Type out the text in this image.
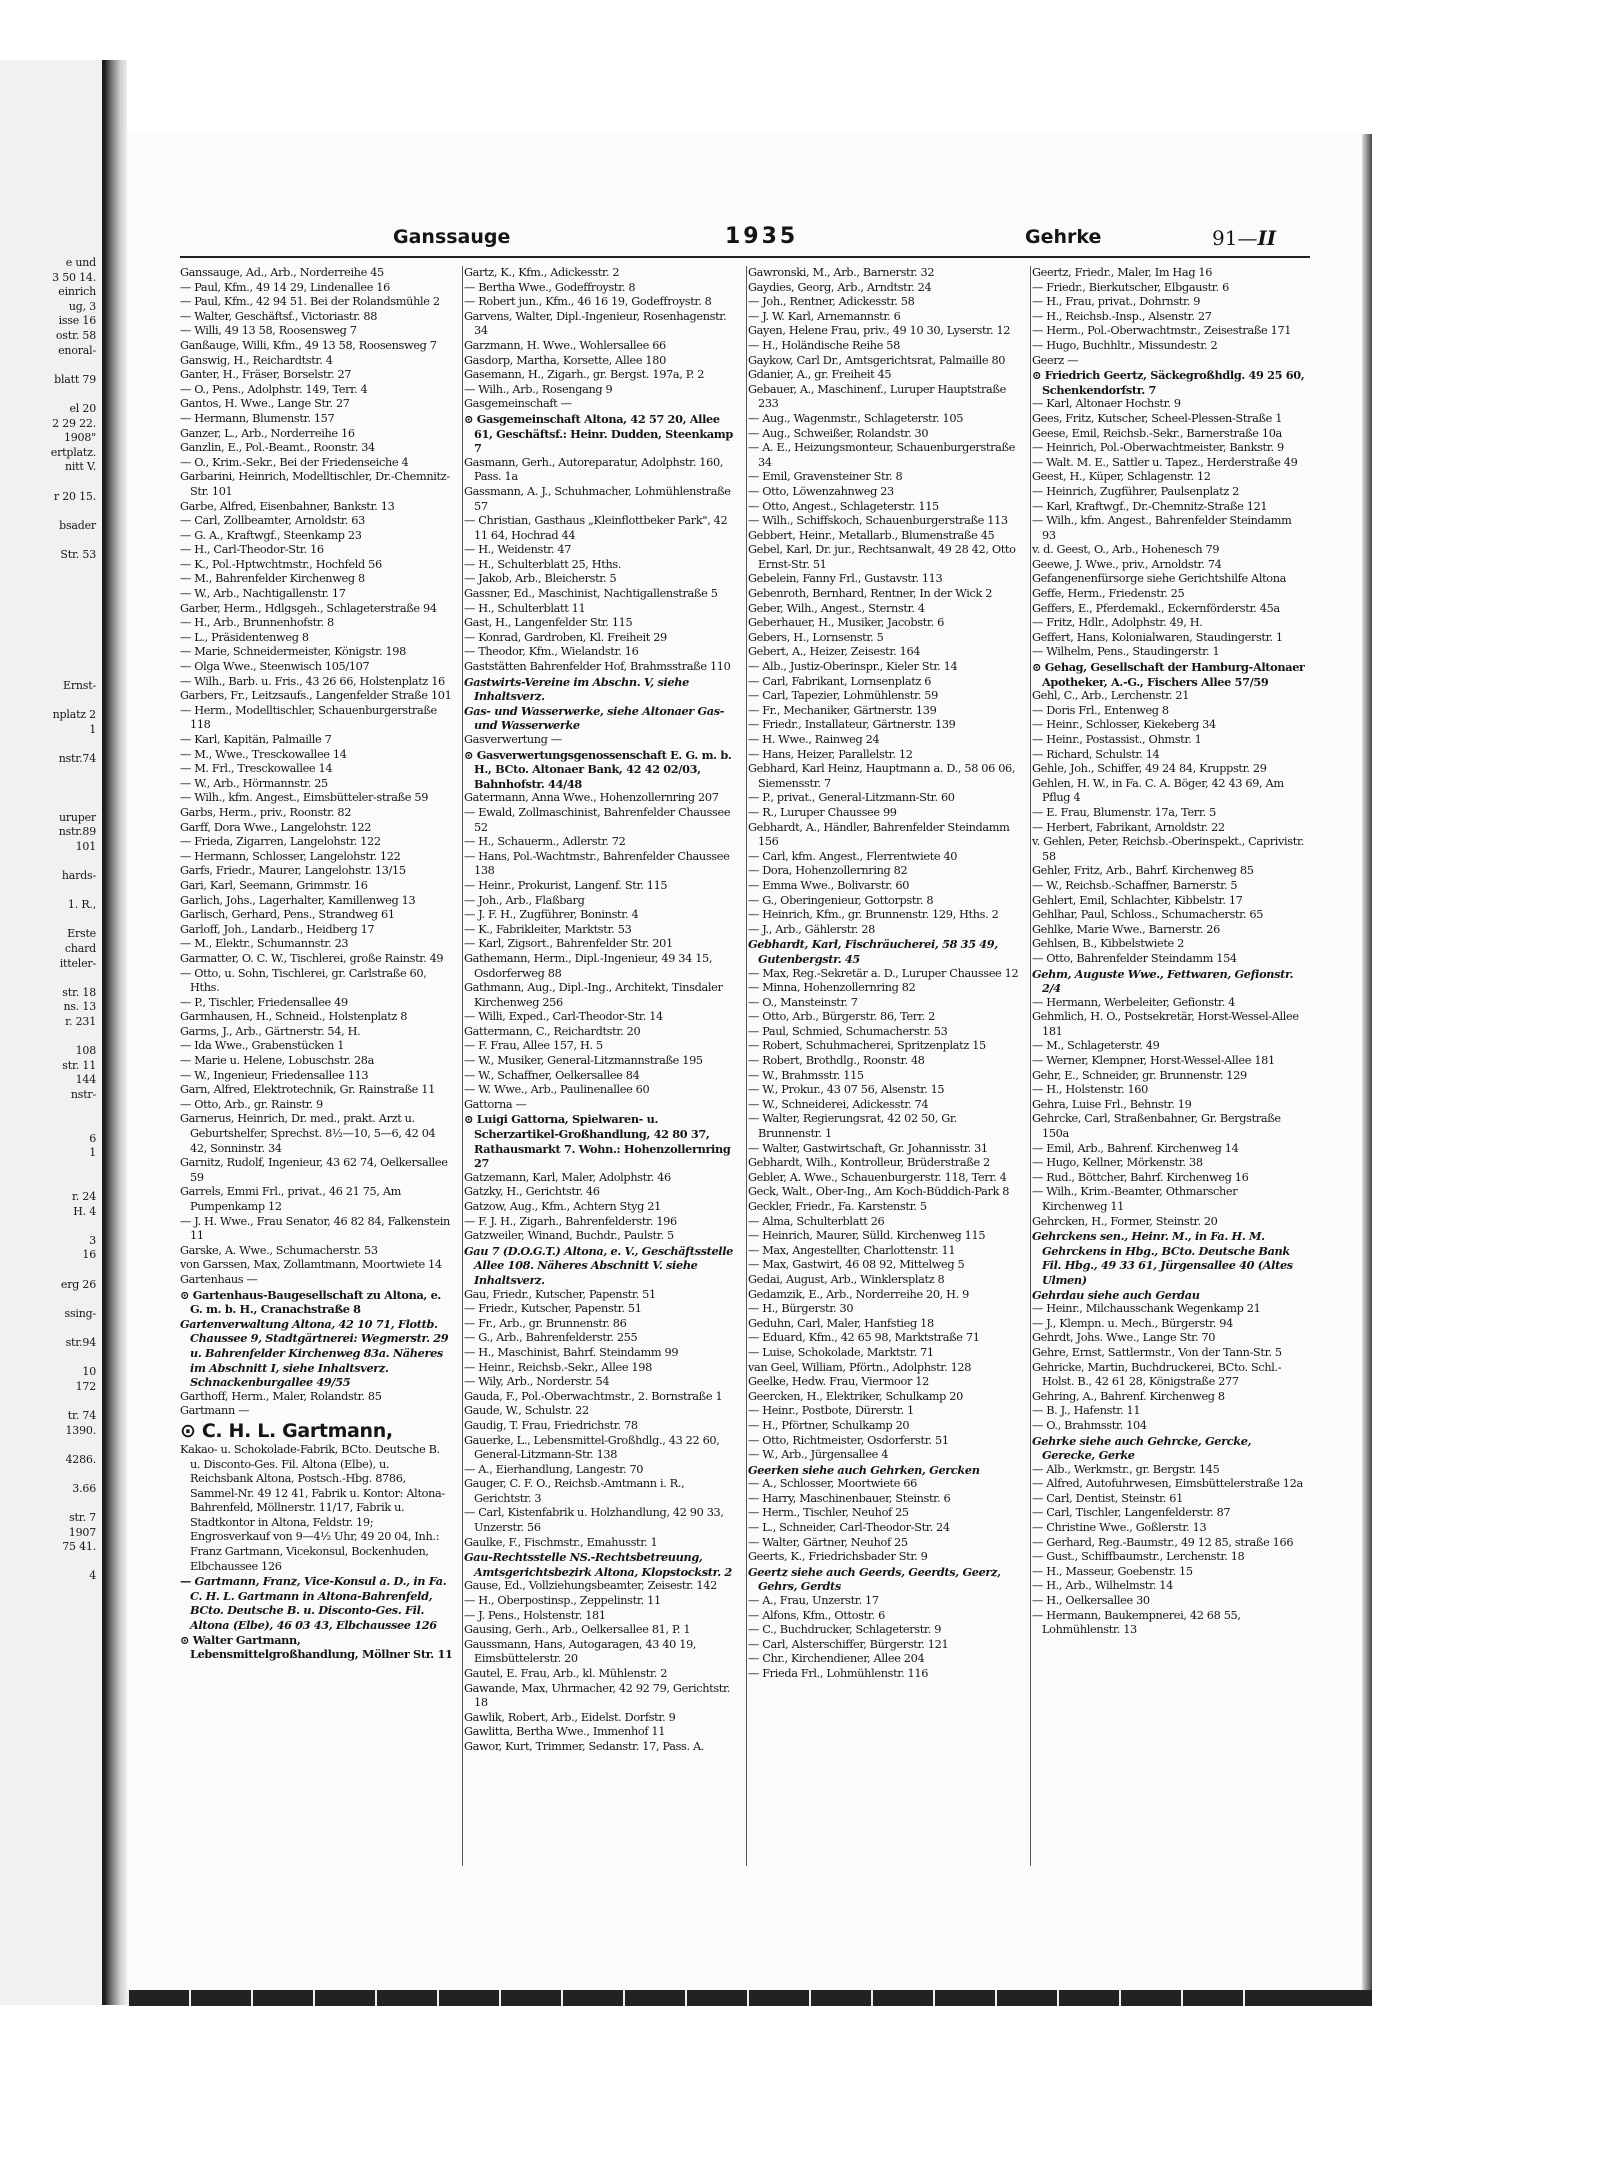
e und
3 50 14.
einrich
ug, 3
isse 16
ostr. 58
enoral-

blatt 79

el 20
2 29 22.
1908"
ertplatz.
nitt V.

r 20 15.

bsader

Str. 53

Ernst-

nplatz 2
1

nstr.74

uruper
nstr.89
101

hards-

1. R.,

Erste
chard
itteler-

str. 18
ns. 13
r. 231

108
str. 11
144
nstr-

6
1

r. 24
H. 4

3
16

erg 26

ssing-

str.94

10
172

tr. 74
1390.

4286.

3.66

str. 7
1907
75 41.

4

Ganssauge	1935	Gehrke	91—II
Ganssauge, Ad., Arb., Norderreihe 45
— Paul, Kfm., 49 14 29, Lindenallee 16
— Paul, Kfm., 42 94 51. Bei der Rolandsmühle 2
— Walter, Geschäftsf., Victoriastr. 88
— Willi, 49 13 58, Roosensweg 7
Ganßauge, Willi, Kfm., 49 13 58, Roosensweg 7
Ganswig, H., Reichardtstr. 4
Ganter, H., Fräser, Borselstr. 27
— O., Pens., Adolphstr. 149, Terr. 4
Gantos, H. Wwe., Lange Str. 27
— Hermann, Blumenstr. 157
Ganzer, L., Arb., Norderreihe 16
Ganzlin, E., Pol.-Beamt., Roonstr. 34
— O., Krim.-Sekr., Bei der Friedenseiche 4
Garbarini, Heinrich, Modelltischler, Dr.-Chemnitz-Str. 101
Garbe, Alfred, Eisenbahner, Bankstr. 13
— Carl, Zollbeamter, Arnoldstr. 63
— G. A., Kraftwgf., Steenkamp 23
— H., Carl-Theodor-Str. 16
— K., Pol.-Hptwchtmstr., Hochfeld 56
— M., Bahrenfelder Kirchenweg 8
— W., Arb., Nachtigallenstr. 17
Garber, Herm., Hdlgsgeh., Schlageterstraße 94
— H., Arb., Brunnenhofstr. 8
— L., Präsidentenweg 8
— Marie, Schneidermeister, Königstr. 198
— Olga Wwe., Steenwisch 105/107
— Wilh., Barb. u. Fris., 43 26 66, Holstenplatz 16
Garbers, Fr., Leitzsaufs., Langenfelder Straße 101
— Herm., Modelltischler, Schauenburgerstraße 118
— Karl, Kapitän, Palmaille 7
— M., Wwe., Tresckowallee 14
— M. Frl., Tresckowallee 14
— W., Arb., Hörmannstr. 25
— Wilh., kfm. Angest., Eimsbütteler-straße 59
Garbs, Herm., priv., Roonstr. 82
Garff, Dora Wwe., Langelohstr. 122
— Frieda, Zigarren, Langelohstr. 122
— Hermann, Schlosser, Langelohstr. 122
Garfs, Friedr., Maurer, Langelohstr. 13/15
Gari, Karl, Seemann, Grimmstr. 16
Garlich, Johs., Lagerhalter, Kamillenweg 13
Garlisch, Gerhard, Pens., Strandweg 61
Garloff, Joh., Landarb., Heidberg 17
— M., Elektr., Schumannstr. 23
Garmatter, O. C. W., Tischlerei, große Rainstr. 49
— Otto, u. Sohn, Tischlerei, gr. Carlstraße 60, Hths.
— P., Tischler, Friedensallee 49
Garmhausen, H., Schneid., Holstenplatz 8
Garms, J., Arb., Gärtnerstr. 54, H.
— Ida Wwe., Grabenstücken 1
— Marie u. Helene, Lobuschstr. 28a
— W., Ingenieur, Friedensallee 113
Garn, Alfred, Elektrotechnik, Gr. Rainstraße 11
— Otto, Arb., gr. Rainstr. 9
Garnerus, Heinrich, Dr. med., prakt. Arzt u. Geburtshelfer, Sprechst. 8½—10, 5—6, 42 04 42, Sonninstr. 34
Garnitz, Rudolf, Ingenieur, 43 62 74, Oelkersallee 59
Garrels, Emmi Frl., privat., 46 21 75, Am Pumpenkamp 12
— J. H. Wwe., Frau Senator, 46 82 84, Falkenstein 11
Garske, A. Wwe., Schumacherstr. 53
von Garssen, Max, Zollamtmann, Moortwiete 14
Gartenhaus —
⊙ Gartenhaus-Baugesellschaft zu Altona, e. G. m. b. H., Cranachstraße 8
Gartenverwaltung Altona, 42 10 71, Flottb. Chaussee 9, Stadtgärtnerei: Wegmerstr. 29 u. Bahrenfelder Kirchenweg 83a. Näheres im Abschnitt I, siehe Inhaltsverz. Schnackenburgallee 49/55
Garthoff, Herm., Maler, Rolandstr. 85
Gartmann —
⊙ C. H. L. Gartmann,
Kakao- u. Schokolade-Fabrik, BCto. Deutsche B. u. Disconto-Ges. Fil. Altona (Elbe), u. Reichsbank Altona, Postsch.-Hbg. 8786, Sammel-Nr. 49 12 41, Fabrik u. Kontor: Altona-Bahrenfeld, Möllnerstr. 11/17, Fabrik u. Stadtkontor in Altona, Feldstr. 19; Engrosverkauf von 9—4½ Uhr, 49 20 04, Inh.: Franz Gartmann, Vicekonsul, Bockenhuden, Elbchaussee 126
— Gartmann, Franz, Vice-Konsul a. D., in Fa. C. H. L. Gartmann in Altona-Bahrenfeld, BCto. Deutsche B. u. Disconto-Ges. Fil. Altona (Elbe), 46 03 43, Elbchaussee 126
⊙ Walter Gartmann, Lebensmittelgroßhandlung, Möllner Str. 11
Gartz, K., Kfm., Adickesstr. 2
— Bertha Wwe., Godeffroystr. 8
— Robert jun., Kfm., 46 16 19, Godeffroystr. 8
Garvens, Walter, Dipl.-Ingenieur, Rosenhagenstr. 34
Garzmann, H. Wwe., Wohlersallee 66
Gasdorp, Martha, Korsette, Allee 180
Gasemann, H., Zigarh., gr. Bergst. 197a, P. 2
— Wilh., Arb., Rosengang 9
Gasgemeinschaft —
⊙ Gasgemeinschaft Altona, 42 57 20, Allee 61, Geschäftsf.: Heinr. Dudden, Steenkamp 7
Gasmann, Gerh., Autoreparatur, Adolphstr. 160, Pass. 1a
Gassmann, A. J., Schuhmacher, Lohmühlenstraße 57
— Christian, Gasthaus „Kleinflottbeker Park", 42 11 64, Hochrad 44
— H., Weidenstr. 47
— H., Schulterblatt 25, Hths.
— Jakob, Arb., Bleicherstr. 5
Gassner, Ed., Maschinist, Nachtigallenstraße 5
— H., Schulterblatt 11
Gast, H., Langenfelder Str. 115
— Konrad, Gardroben, Kl. Freiheit 29
— Theodor, Kfm., Wielandstr. 16
Gaststätten Bahrenfelder Hof, Brahmsstraße 110
Gastwirts-Vereine im Abschn. V, siehe Inhaltsverz.
Gas- und Wasserwerke, siehe Altonaer Gas- und Wasserwerke
Gasverwertung —
⊙ Gasverwertungsgenossenschaft E. G. m. b. H., BCto. Altonaer Bank, 42 42 02/03, Bahnhofstr. 44/48
Gatermann, Anna Wwe., Hohenzollernring 207
— Ewald, Zollmaschinist, Bahrenfelder Chaussee 52
— H., Schauerm., Adlerstr. 72
— Hans, Pol.-Wachtmstr., Bahrenfelder Chaussee 138
— Heinr., Prokurist, Langenf. Str. 115
— Joh., Arb., Flaßbarg
— J. F. H., Zugführer, Boninstr. 4
— K., Fabrikleiter, Marktstr. 53
— Karl, Zigsort., Bahrenfelder Str. 201
Gathemann, Herm., Dipl.-Ingenieur, 49 34 15, Osdorferweg 88
Gathmann, Aug., Dipl.-Ing., Architekt, Tinsdaler Kirchenweg 256
— Willi, Exped., Carl-Theodor-Str. 14
Gattermann, C., Reichardtstr. 20
— F. Frau, Allee 157, H. 5
— W., Musiker, General-Litzmannstraße 195
— W., Schaffner, Oelkersallee 84
— W. Wwe., Arb., Paulinenallee 60
Gattorna —
⊙ Luigi Gattorna, Spielwaren- u. Scherzartikel-Großhandlung, 42 80 37, Rathausmarkt 7. Wohn.: Hohenzollernring 27
Gatzemann, Karl, Maler, Adolphstr. 46
Gatzky, H., Gerichtstr. 46
Gatzow, Aug., Kfm., Achtern Styg 21
— F. J. H., Zigarh., Bahrenfelderstr. 196
Gatzweiler, Winand, Buchdr., Paulstr. 5
Gau 7 (D.O.G.T.) Altona, e. V., Geschäftsstelle Allee 108. Näheres Abschnitt V. siehe Inhaltsverz.
Gau, Friedr., Kutscher, Papenstr. 51
— Friedr., Kutscher, Papenstr. 51
— Fr., Arb., gr. Brunnenstr. 86
— G., Arb., Bahrenfelderstr. 255
— H., Maschinist, Bahrf. Steindamm 99
— Heinr., Reichsb.-Sekr., Allee 198
— Wily, Arb., Norderstr. 54
Gauda, F., Pol.-Oberwachtmstr., 2. Bornstraße 1
Gaude, W., Schulstr. 22
Gaudig, T. Frau, Friedrichstr. 78
Gauerke, L., Lebensmittel-Großhdlg., 43 22 60, General-Litzmann-Str. 138
— A., Eierhandlung, Langestr. 70
Gauger, C. F. O., Reichsb.-Amtmann i. R., Gerichtstr. 3
— Carl, Kistenfabrik u. Holzhandlung, 42 90 33, Unzerstr. 56
Gaulke, F., Fischmstr., Emahusstr. 1
Gau-Rechtsstelle NS.-Rechtsbetreuung, Amtsgerichtsbezirk Altona, Klopstockstr. 2
Gause, Ed., Vollziehungsbeamter, Zeisestr. 142
— H., Oberpostinsp., Zeppelinstr. 11
— J. Pens., Holstenstr. 181
Gausing, Gerh., Arb., Oelkersallee 81, P. 1
Gaussmann, Hans, Autogaragen, 43 40 19, Eimsbüttelerstr. 20
Gautel, E. Frau, Arb., kl. Mühlenstr. 2
Gawande, Max, Uhrmacher, 42 92 79, Gerichtstr. 18
Gawlik, Robert, Arb., Eidelst. Dorfstr. 9
Gawlitta, Bertha Wwe., Immenhof 11
Gawor, Kurt, Trimmer, Sedanstr. 17, Pass. A.
Gawronski, M., Arb., Barnerstr. 32
Gaydies, Georg, Arb., Arndtstr. 24
— Joh., Rentner, Adickesstr. 58
— J. W. Karl, Arnemannstr. 6
Gayen, Helene Frau, priv., 49 10 30, Lyserstr. 12
— H., Holändische Reihe 58
Gaykow, Carl Dr., Amtsgerichtsrat, Palmaille 80
Gdanier, A., gr. Freiheit 45
Gebauer, A., Maschinenf., Luruper Hauptstraße 233
— Aug., Wagenmstr., Schlageterstr. 105
— Aug., Schweißer, Rolandstr. 30
— A. E., Heizungsmonteur, Schauenburgerstraße 34
— Emil, Gravensteiner Str. 8
— Otto, Löwenzahnweg 23
— Otto, Angest., Schlageterstr. 115
— Wilh., Schiffskoch, Schauenburgerstraße 113
Gebbert, Heinr., Metallarb., Blumenstraße 45
Gebel, Karl, Dr. jur., Rechtsanwalt, 49 28 42, Otto Ernst-Str. 51
Gebelein, Fanny Frl., Gustavstr. 113
Gebenroth, Bernhard, Rentner, In der Wick 2
Geber, Wilh., Angest., Sternstr. 4
Geberhauer, H., Musiker, Jacobstr. 6
Gebers, H., Lornsenstr. 5
Gebert, A., Heizer, Zeisestr. 164
— Alb., Justiz-Oberinspr., Kieler Str. 14
— Carl, Fabrikant, Lornsenplatz 6
— Carl, Tapezier, Lohmühlenstr. 59
— Fr., Mechaniker, Gärtnerstr. 139
— Friedr., Installateur, Gärtnerstr. 139
— H. Wwe., Rainweg 24
— Hans, Heizer, Parallelstr. 12
Gebhard, Karl Heinz, Hauptmann a. D., 58 06 06, Siemensstr. 7
— P., privat., General-Litzmann-Str. 60
— R., Luruper Chaussee 99
Gebhardt, A., Händler, Bahrenfelder Steindamm 156
— Carl, kfm. Angest., Flerrentwiete 40
— Dora, Hohenzollernring 82
— Emma Wwe., Bolivarstr. 60
— G., Oberingenieur, Gottorpstr. 8
— Heinrich, Kfm., gr. Brunnenstr. 129, Hths. 2
— J., Arb., Gählerstr. 28
Gebhardt, Karl, Fischräucherei, 58 35 49, Gutenbergstr. 45
— Max, Reg.-Sekretär a. D., Luruper Chaussee 12
— Minna, Hohenzollernring 82
— O., Mansteinstr. 7
— Otto, Arb., Bürgerstr. 86, Terr. 2
— Paul, Schmied, Schumacherstr. 53
— Robert, Schuhmacherei, Spritzenplatz 15
— Robert, Brothdlg., Roonstr. 48
— W., Brahmsstr. 115
— W., Prokur., 43 07 56, Alsenstr. 15
— W., Schneiderei, Adickesstr. 74
— Walter, Regierungsrat, 42 02 50, Gr. Brunnenstr. 1
— Walter, Gastwirtschaft, Gr. Johannisstr. 31
Gebhardt, Wilh., Kontrolleur, Brüderstraße 2
Gebler, A. Wwe., Schauenburgerstr. 118, Terr. 4
Geck, Walt., Ober-Ing., Am Koch-Büddich-Park 8
Geckler, Friedr., Fa. Karstenstr. 5
— Alma, Schulterblatt 26
— Heinrich, Maurer, Sülld. Kirchenweg 115
— Max, Angestellter, Charlottenstr. 11
— Max, Gastwirt, 46 08 92, Mittelweg 5
Gedai, August, Arb., Winklersplatz 8
Gedamzik, E., Arb., Norderreihe 20, H. 9
— H., Bürgerstr. 30
Geduhn, Carl, Maler, Hanfstieg 18
— Eduard, Kfm., 42 65 98, Marktstraße 71
— Luise, Schokolade, Marktstr. 71
van Geel, William, Pförtn., Adolphstr. 128
Geelke, Hedw. Frau, Viermoor 12
Geercken, H., Elektriker, Schulkamp 20
— Heinr., Postbote, Dürerstr. 1
— H., Pförtner, Schulkamp 20
— Otto, Richtmeister, Osdorferstr. 51
— W., Arb., Jürgensallee 4
Geerken siehe auch Gehrken, Gercken
— A., Schlosser, Moortwiete 66
— Harry, Maschinenbauer, Steinstr. 6
— Herm., Tischler, Neuhof 25
— L., Schneider, Carl-Theodor-Str. 24
— Walter, Gärtner, Neuhof 25
Geerts, K., Friedrichsbader Str. 9
Geertz siehe auch Geerds, Geerdts, Geerz, Gehrs, Gerdts
— A., Frau, Unzerstr. 17
— Alfons, Kfm., Ottostr. 6
— C., Buchdrucker, Schlageterstr. 9
— Carl, Alsterschiffer, Bürgerstr. 121
— Chr., Kirchendiener, Allee 204
— Frieda Frl., Lohmühlenstr. 116
Geertz, Friedr., Maler, Im Hag 16
— Friedr., Bierkutscher, Elbgaustr. 6
— H., Frau, privat., Dohrnstr. 9
— H., Reichsb.-Insp., Alsenstr. 27
— Herm., Pol.-Oberwachtmstr., Zeisestraße 171
— Hugo, Buchhltr., Missundestr. 2
Geerz —
⊙ Friedrich Geertz, Säckegroßhdlg. 49 25 60, Schenkendorfstr. 7
— Karl, Altonaer Hochstr. 9
Gees, Fritz, Kutscher, Scheel-Plessen-Straße 1
Geese, Emil, Reichsb.-Sekr., Barnerstraße 10a
— Heinrich, Pol.-Oberwachtmeister, Bankstr. 9
— Walt. M. E., Sattler u. Tapez., Herderstraße 49
Geest, H., Küper, Schlagenstr. 12
— Heinrich, Zugführer, Paulsenplatz 2
— Karl, Kraftwgf., Dr.-Chemnitz-Straße 121
— Wilh., kfm. Angest., Bahrenfelder Steindamm 93
v. d. Geest, O., Arb., Hohenesch 79
Geewe, J. Wwe., priv., Arnoldstr. 74
Gefangenenfürsorge siehe Gerichtshilfe Altona
Geffe, Herm., Friedenstr. 25
Geffers, E., Pferdemakl., Eckernförderstr. 45a
— Fritz, Hdlr., Adolphstr. 49, H.
Geffert, Hans, Kolonialwaren, Staudingerstr. 1
— Wilhelm, Pens., Staudingerstr. 1
⊙ Gehag, Gesellschaft der Hamburg-Altonaer Apotheker, A.-G., Fischers Allee 57/59
Gehl, C., Arb., Lerchenstr. 21
— Doris Frl., Entenweg 8
— Heinr., Schlosser, Kiekeberg 34
— Heinr., Postassist., Ohmstr. 1
— Richard, Schulstr. 14
Gehle, Joh., Schiffer, 49 24 84, Kruppstr. 29
Gehlen, H. W., in Fa. C. A. Böger, 42 43 69, Am Pflug 4
— E. Frau, Blumenstr. 17a, Terr. 5
— Herbert, Fabrikant, Arnoldstr. 22
v. Gehlen, Peter, Reichsb.-Oberinspekt., Caprivistr. 58
Gehler, Fritz, Arb., Bahrf. Kirchenweg 85
— W., Reichsb.-Schaffner, Barnerstr. 5
Gehlert, Emil, Schlachter, Kibbelstr. 17
Gehlhar, Paul, Schloss., Schumacherstr. 65
Gehlke, Marie Wwe., Barnerstr. 26
Gehlsen, B., Kibbelstwiete 2
— Otto, Bahrenfelder Steindamm 154
Gehm, Auguste Wwe., Fettwaren, Gefionstr. 2/4
— Hermann, Werbeleiter, Gefionstr. 4
Gehmlich, H. O., Postsekretär, Horst-Wessel-Allee 181
— M., Schlageterstr. 49
— Werner, Klempner, Horst-Wessel-Allee 181
Gehr, E., Schneider, gr. Brunnenstr. 129
— H., Holstenstr. 160
Gehra, Luise Frl., Behnstr. 19
Gehrcke, Carl, Straßenbahner, Gr. Bergstraße 150a
— Emil, Arb., Bahrenf. Kirchenweg 14
— Hugo, Kellner, Mörkenstr. 38
— Rud., Böttcher, Bahrf. Kirchenweg 16
— Wilh., Krim.-Beamter, Othmarscher Kirchenweg 11
Gehrcken, H., Former, Steinstr. 20
Gehrckens sen., Heinr. M., in Fa. H. M. Gehrckens in Hbg., BCto. Deutsche Bank Fil. Hbg., 49 33 61, Jürgensallee 40 (Altes Ulmen)
Gehrdau siehe auch Gerdau
— Heinr., Milchausschank Wegenkamp 21
— J., Klempn. u. Mech., Bürgerstr. 94
Gehrdt, Johs. Wwe., Lange Str. 70
Gehre, Ernst, Sattlermstr., Von der Tann-Str. 5
Gehricke, Martin, Buchdruckerei, BCto. Schl.-Holst. B., 42 61 28, Königstraße 277
Gehring, A., Bahrenf. Kirchenweg 8
— B. J., Hafenstr. 11
— O., Brahmsstr. 104
Gehrke siehe auch Gehrcke, Gercke, Gerecke, Gerke
— Alb., Werkmstr., gr. Bergstr. 145
— Alfred, Autofuhrwesen, Eimsbüttelerstraße 12a
— Carl, Dentist, Steinstr. 61
— Carl, Tischler, Langenfelderstr. 87
— Christine Wwe., Goßlerstr. 13
— Gerhard, Reg.-Baumstr., 49 12 85, straße 166
— Gust., Schiffbaumstr., Lerchenstr. 18
— H., Masseur, Goebenstr. 15
— H., Arb., Wilhelmstr. 14
— H., Oelkersallee 30
— Hermann, Baukempnerei, 42 68 55, Lohmühlenstr. 13
